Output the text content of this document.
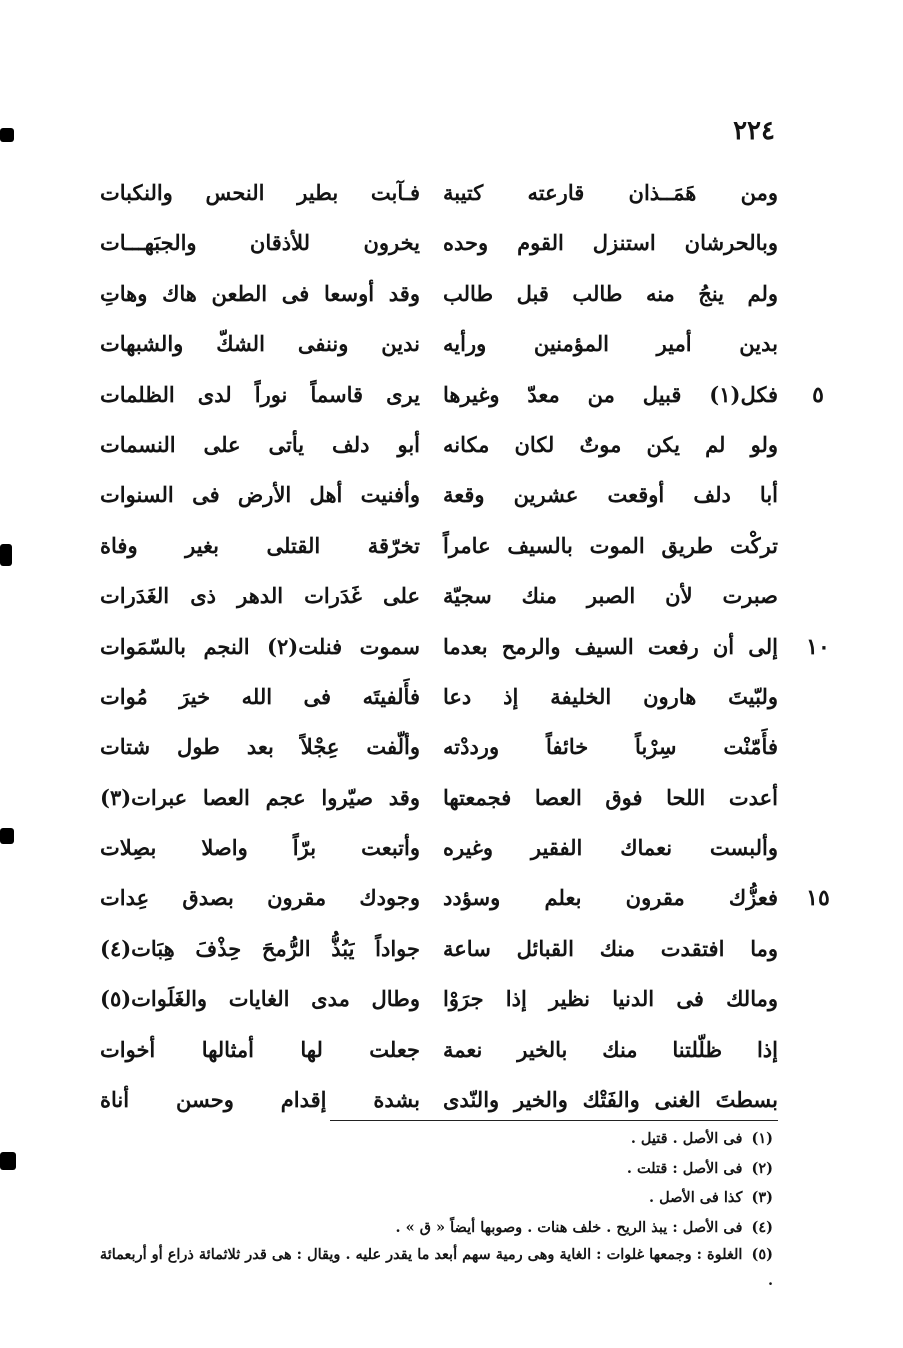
٢٢٤
ومن هَمَــذان قارعته كتيبة
فـآبت بطير النحس والنكبات
وبالحرشان استنزل القوم وحده
يخرون للأذقان والجبَهـــات
ولم ينجُ منه طالب قبل طالب
وقد أوسعا فى الطعن هاك وهاتِ
بدين أمير المؤمنين ورأيه
ندين وننفى الشكّ والشبهات
٥
فكل(١) قبيل من معدّ وغيرها
يرى قاسماً نوراً لدى الظلمات
ولو لم يكن موتٌ لكان مكانه
أبو دلف يأتى على النسمات
أبا دلف أوقعت عشرين وقعة
وأفنيت أهل الأرض فى السنوات
تركْت طريق الموت بالسيف عامراً
تخرّقة القتلى بغير وفاة
صبرت لأن الصبر منك سجيّة
على غَدَرات الدهر ذى الغَدَرات
١٠
إلى أن رفعت السيف والرمح بعدما
سموت فنلت(٢) النجم بالسّمَوات
ولبّيتَ هارون الخليفة إذ دعا
فأَلفيتَه فى الله خيرَ مُوات
فأَمّنْت سِرْباً خائفاً ورددْته
وألّفت عِجْلاً بعد طول شتات
أعدت اللحا فوق العصا فجمعتها
وقد صيّروا عجم العصا عبرات(٣)
وألبست نعماك الفقير وغيره
وأتبعت برّاً واصلا بصِلات
١٥
فعزُّك مقرون بعلم وسؤدد
وجودك مقرون بصدق عِدات
وما افتقدت منك القبائل ساعة
جواداً يَبُذُّ الرُّمحَ حِذْفَ هِبَات(٤)
ومالك فى الدنيا نظير إذا جرَوْا
وطال مدى الغايات والغَلَوات(٥)
إذا ظلّلتنا منك بالخير نعمة
جعلت لها أمثالها أخوات
بسطتَ الغنى والفَتْك والخير والنّدى
بشدة إقدام وحسن أناة
(١) فى الأصل . قتيل .
(٢) فى الأصل : قتلت .
(٣) كذا فى الأصل .
(٤) فى الأصل : يبذ الريح . خلف هنات . وصوبها أيضاً « ق » .
(٥) الغلوة : وجمعها غلوات : الغاية وهى رمية سهم أبعد ما يقدر عليه . ويقال : هى قدر ثلاثمائة ذراع أو أربعمائة .
